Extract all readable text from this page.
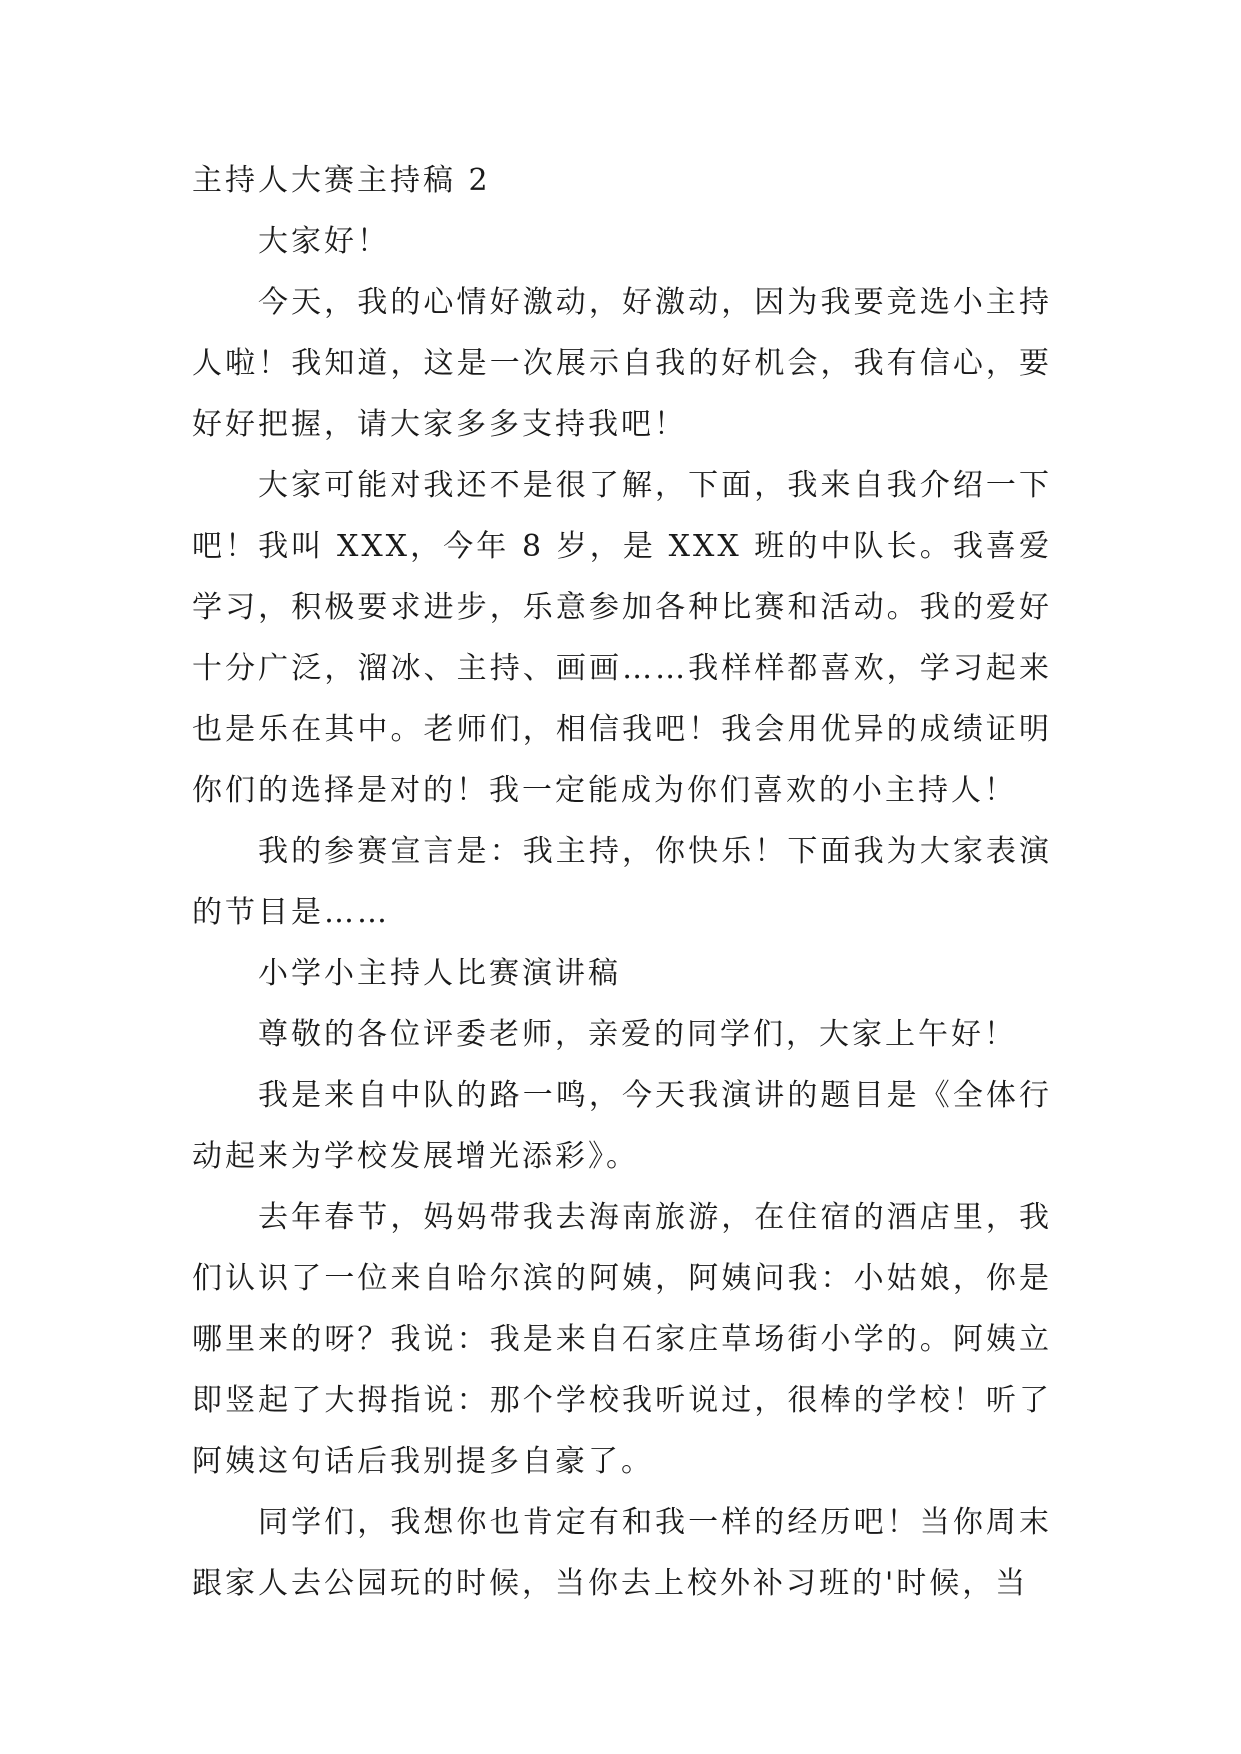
主持人大赛主持稿 2

大家好！

今天，我的心情好激动，好激动，因为我要竞选小主持人啦！我知道，这是一次展示自我的好机会，我有信心，要好好把握，请大家多多支持我吧！

大家可能对我还不是很了解，下面，我来自我介绍一下吧！我叫 XXX，今年 8 岁，是 XXX 班的中队长。我喜爱学习，积极要求进步，乐意参加各种比赛和活动。我的爱好十分广泛，溜冰、主持、画画……我样样都喜欢，学习起来也是乐在其中。老师们，相信我吧！我会用优异的成绩证明你们的选择是对的！我一定能成为你们喜欢的小主持人！

我的参赛宣言是：我主持，你快乐！下面我为大家表演的节目是……

小学小主持人比赛演讲稿

尊敬的各位评委老师，亲爱的同学们，大家上午好！

我是来自中队的路一鸣，今天我演讲的题目是《全体行动起来为学校发展增光添彩》。

去年春节，妈妈带我去海南旅游，在住宿的酒店里，我们认识了一位来自哈尔滨的阿姨，阿姨问我：小姑娘，你是哪里来的呀？我说：我是来自石家庄草场街小学的。阿姨立即竖起了大拇指说：那个学校我听说过，很棒的学校！听了阿姨这句话后我别提多自豪了。

同学们，我想你也肯定有和我一样的经历吧！当你周末跟家人去公园玩的时候，当你去上校外补习班的'时候，当
